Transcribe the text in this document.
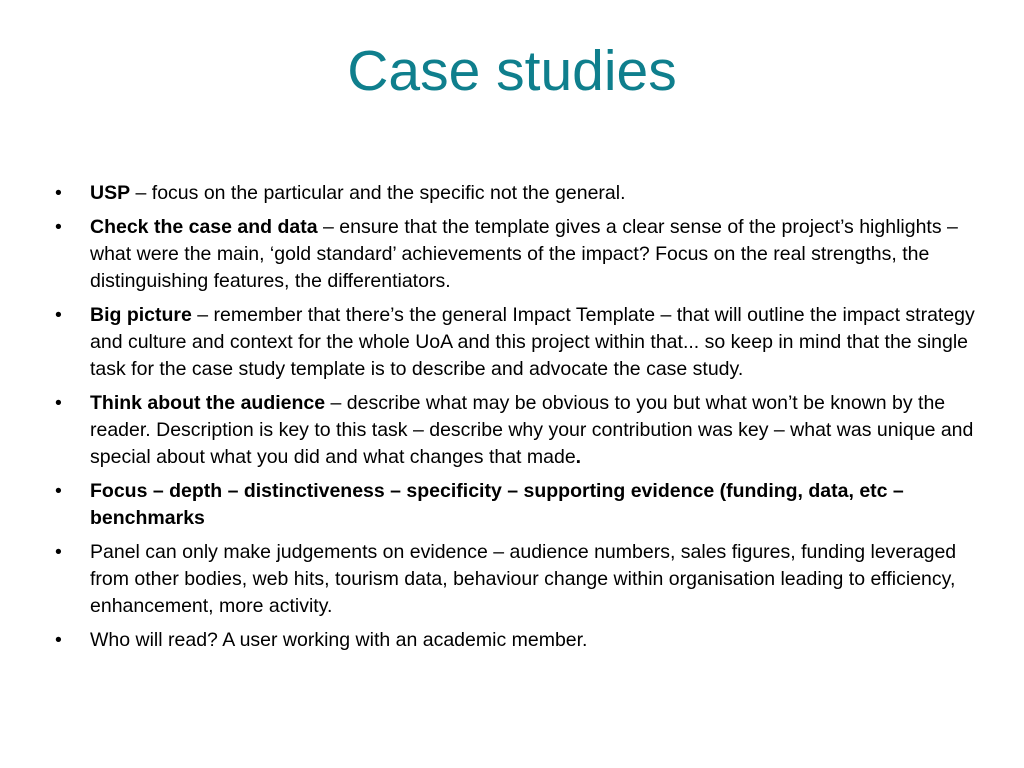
Case studies
•	USP – focus on the particular and the specific not the general.
•	Check the case and data – ensure that the template gives a clear sense of the project’s highlights – what were the main, ‘gold standard’ achievements of the impact? Focus on the real strengths, the distinguishing features, the differentiators.
•	Big picture – remember that there’s the general Impact Template – that will outline the impact strategy and culture and context for the whole UoA and this project within that... so keep in mind that the single task for the case study template is to describe and advocate the case study.
•	Think about the audience – describe what may be obvious to you but what won’t be known by the reader. Description is key to this task – describe why your contribution was key – what was unique and special about what you did and what changes that made.
•	Focus – depth – distinctiveness – specificity – supporting evidence (funding, data, etc – benchmarks
•	Panel can only make judgements on evidence – audience numbers, sales figures, funding leveraged from other bodies, web hits, tourism data, behaviour change within organisation leading to efficiency, enhancement, more activity.
•	Who will read? A user working with an academic member.
